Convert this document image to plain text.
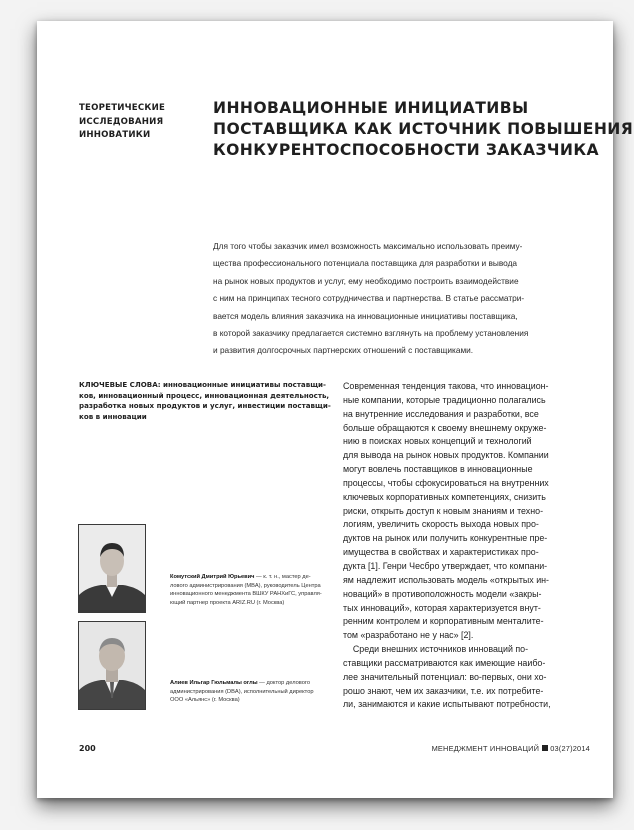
ТЕОРЕТИЧЕСКИЕ
ИССЛЕДОВАНИЯ
ИННОВАТИКИ
ИННОВАЦИОННЫЕ ИНИЦИАТИВЫ
ПОСТАВЩИКА КАК ИСТОЧНИК ПОВЫШЕНИЯ
КОНКУРЕНТОСПОСОБНОСТИ ЗАКАЗЧИКА
Для того чтобы заказчик имел возможность максимально использовать преиму-
щества профессионального потенциала поставщика для разработки и вывода
на рынок новых продуктов и услуг, ему необходимо построить взаимодействие
с ним на принципах тесного сотрудничества и партнерства. В статье рассматри-
вается модель влияния заказчика на инновационные инициативы поставщика,
в которой заказчику предлагается системно взглянуть на проблему установления
и развития долгосрочных партнерских отношений с поставщиками.
КЛЮЧЕВЫЕ СЛОВА: инновационные инициативы поставщи-
ков, инновационный процесс, инновационная деятельность,
разработка новых продуктов и услуг, инвестиции поставщи-
ков в инновации
Современная тенденция такова, что инновацион-
ные компании, которые традиционно полагались
на внутренние исследования и разработки, все
больше обращаются к своему внешнему окруже-
нию в поисках новых концепций и технологий
для вывода на рынок новых продуктов. Компании
могут вовлечь поставщиков в инновационные
процессы, чтобы сфокусироваться на внутренних
ключевых корпоративных компетенциях, снизить
риски, открыть доступ к новым знаниям и техно-
логиям, увеличить скорость выхода новых про-
дуктов на рынок или получить конкурентные пре-
имущества в свойствах и характеристиках про-
дукта [1]. Генри Чесбро утверждает, что компани-
ям надлежит использовать модель «открытых ин-
новаций» в противоположность модели «закры-
тых инноваций», которая характеризуется внут-
ренним контролем и корпоративным менталите-
том «разработано не у нас» [2].
Среди внешних источников инноваций по-
ставщики рассматриваются как имеющие наибо-
лее значительный потенциал: во-первых, они хо-
рошо знают, чем их заказчики, т.е. их потребите-
ли, занимаются и какие испытывают потребности,
Комутский Дмитрий Юрьевич — к. т. н., мастер де-
лового администрирования (MBA), руководитель Центра
инновационного менеджмента ВШКУ РАНХиГС, управля-
ющий партнер проекта ARIZ.RU (г. Москва)
Алиев Ильгар Гюльмалы оглы — доктор делового
администрирования (DBA), исполнительный директор
ООО «Альянс» (г. Москва)
200	МЕНЕДЖМЕНТ ИННОВАЦИЙ 03(27)2014
